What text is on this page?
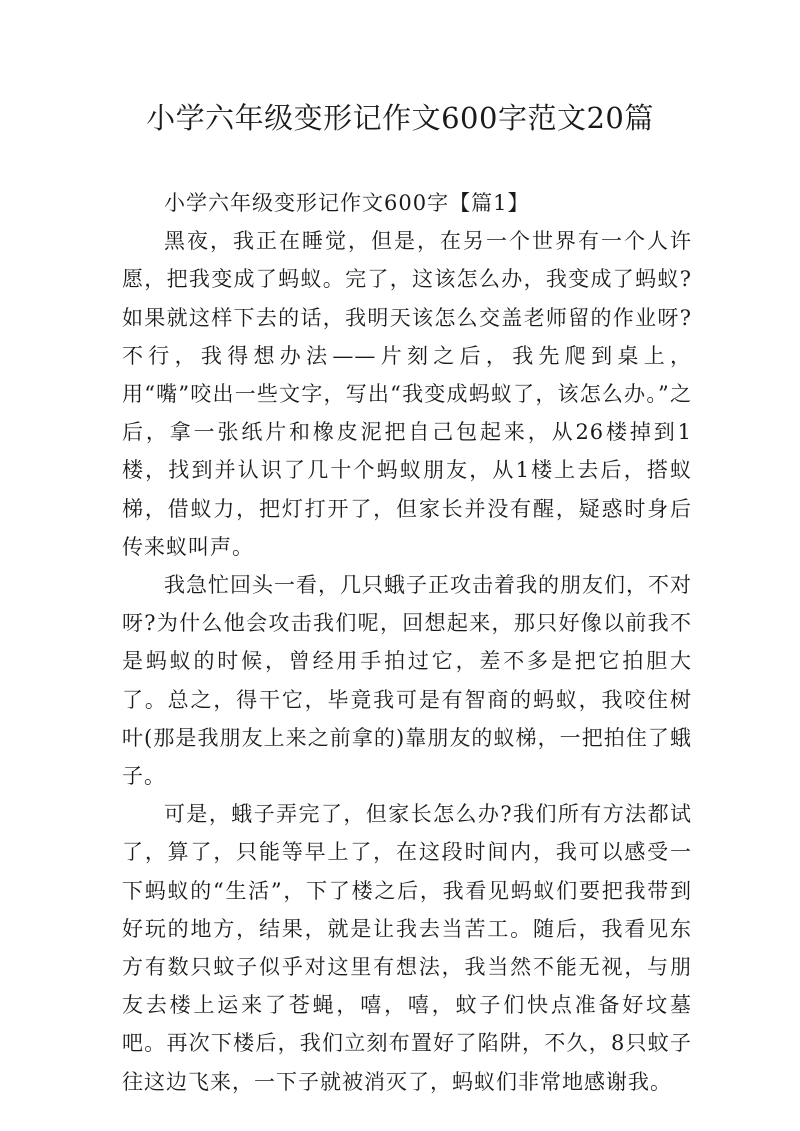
小学六年级变形记作文600字范文20篇

小学六年级变形记作文600字【篇1】

黑夜，我正在睡觉，但是，在另一个世界有一个人许愿，把我变成了蚂蚁。完了，这该怎么办，我变成了蚂蚁?如果就这样下去的话，我明天该怎么交盖老师留的作业呀?不行，我得想办法——片刻之后，我先爬到桌上，用“嘴”咬出一些文字，写出“我变成蚂蚁了，该怎么办。”之后，拿一张纸片和橡皮泥把自己包起来，从26楼掉到1楼，找到并认识了几十个蚂蚁朋友，从1楼上去后，搭蚁梯，借蚁力，把灯打开了，但家长并没有醒，疑惑时身后传来蚁叫声。

我急忙回头一看，几只蛾子正攻击着我的朋友们，不对呀?为什么他会攻击我们呢，回想起来，那只好像以前我不是蚂蚁的时候，曾经用手拍过它，差不多是把它拍胆大了。总之，得干它，毕竟我可是有智商的蚂蚁，我咬住树叶(那是我朋友上来之前拿的)靠朋友的蚁梯，一把拍住了蛾子。

可是，蛾子弄完了，但家长怎么办?我们所有方法都试了，算了，只能等早上了，在这段时间内，我可以感受一下蚂蚁的“生活”，下了楼之后，我看见蚂蚁们要把我带到好玩的地方，结果，就是让我去当苦工。随后，我看见东方有数只蚊子似乎对这里有想法，我当然不能无视，与朋友去楼上运来了苍蝇，嘻，嘻，蚊子们快点准备好坟墓吧。再次下楼后，我们立刻布置好了陷阱，不久，8只蚊子往这边飞来，一下子就被消灭了，蚂蚁们非常地感谢我。
